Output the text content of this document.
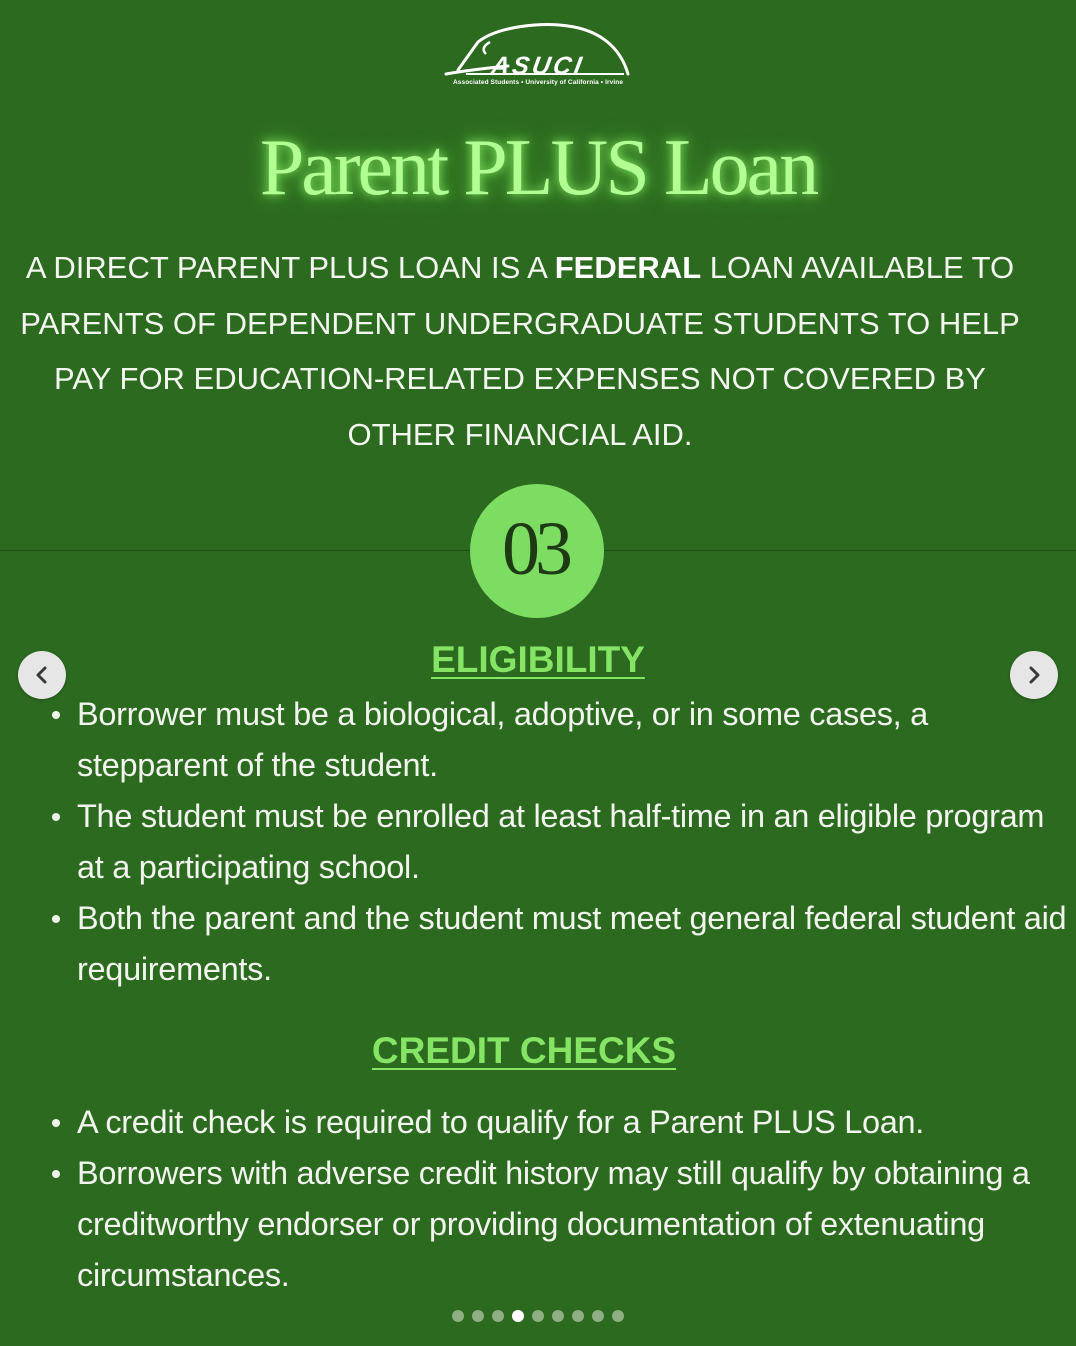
ASUCI
Associated Students • University of California • Irvine
Parent PLUS Loan

A DIRECT PARENT PLUS LOAN IS A FEDERAL LOAN AVAILABLE TO PARENTS OF DEPENDENT UNDERGRADUATE STUDENTS TO HELP PAY FOR EDUCATION-RELATED EXPENSES NOT COVERED BY OTHER FINANCIAL AID.

03
ELIGIBILITY
Borrower must be a biological, adoptive, or in some cases, a stepparent of the student.
The student must be enrolled at least half-time in an eligible program at a participating school.
Both the parent and the student must meet general federal student aid requirements.
CREDIT CHECKS
A credit check is required to qualify for a Parent PLUS Loan.
Borrowers with adverse credit history may still qualify by obtaining a creditworthy endorser or providing documentation of extenuating circumstances.
